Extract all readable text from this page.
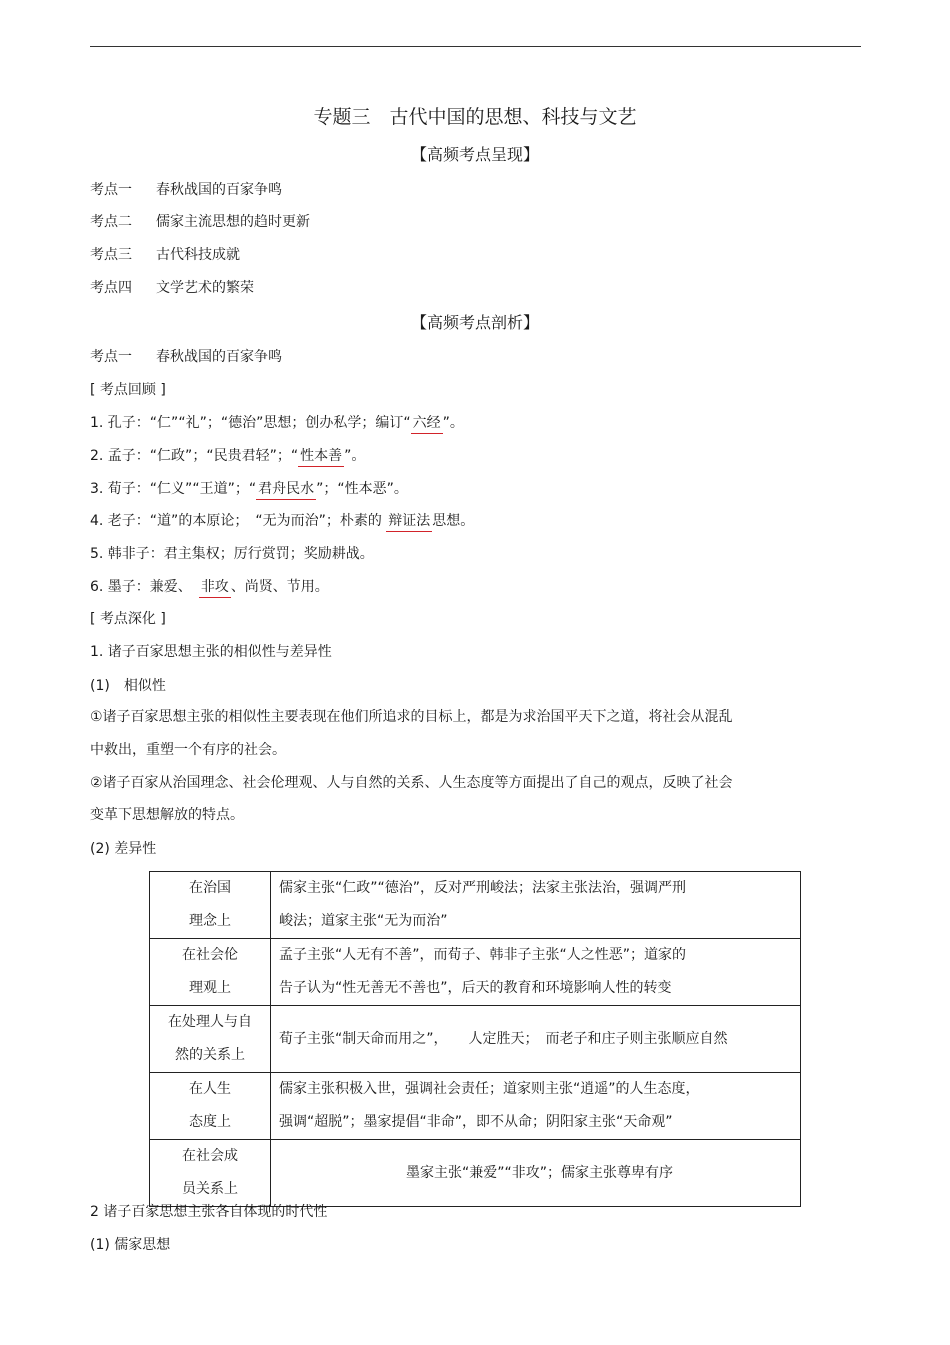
专题三　古代中国的思想、科技与文艺
【高频考点呈现】
考点一 春秋战国的百家争鸣
考点二 儒家主流思想的趋时更新
考点三 古代科技成就
考点四 文学艺术的繁荣
【高频考点剖析】
考点一 春秋战国的百家争鸣
[ 考点回顾 ]
1. 孔子：“仁”“礼”；“德治”思想；创办私学；编订“ 六经 ”。
2. 孟子：“仁政”；“民贵君轻”；“ 性本善 ”。
3. 荀子：“仁义”“王道”；“ 君舟民水 ”；“性本恶”。
4. 老子：“道”的本原论；　“无为而治”；朴素的 辩证法 思想。
5. 韩非子：君主集权；厉行赏罚；奖励耕战。
6. 墨子：兼爱、　非攻 、尚贤、节用。
[ 考点深化 ]
1. 诸子百家思想主张的相似性与差异性
(1)　相似性
①诸子百家思想主张的相似性主要表现在他们所追求的目标上，都是为求治国平天下之道，将社会从混乱
中救出，重塑一个有序的社会。
②诸子百家从治国理念、社会伦理观、人与自然的关系、人生态度等方面提出了自己的观点，反映了社会
变革下思想解放的特点。
(2) 差异性
在治国
理念上	儒家主张“仁政”“德治”，反对严刑峻法；法家主张法治，强调严刑
峻法；道家主张“无为而治”

在社会伦
理观上	孟子主张“人无有不善”，而荀子、韩非子主张“人之性恶”；道家的
告子认为“性无善无不善也”，后天的教育和环境影响人性的转变

在处理人与自
然的关系上	荀子主张“制天命而用之”，　　人定胜天；　而老子和庄子则主张顺应自然

在人生
态度上	儒家主张积极入世，强调社会责任；道家则主张“逍遥”的人生态度，
强调“超脱”；墨家提倡“非命”，即不从命；阴阳家主张“天命观”

在社会成
员关系上	墨家主张“兼爱”“非攻”；儒家主张尊卑有序
2 诸子百家思想主张各自体现的时代性
(1) 儒家思想
